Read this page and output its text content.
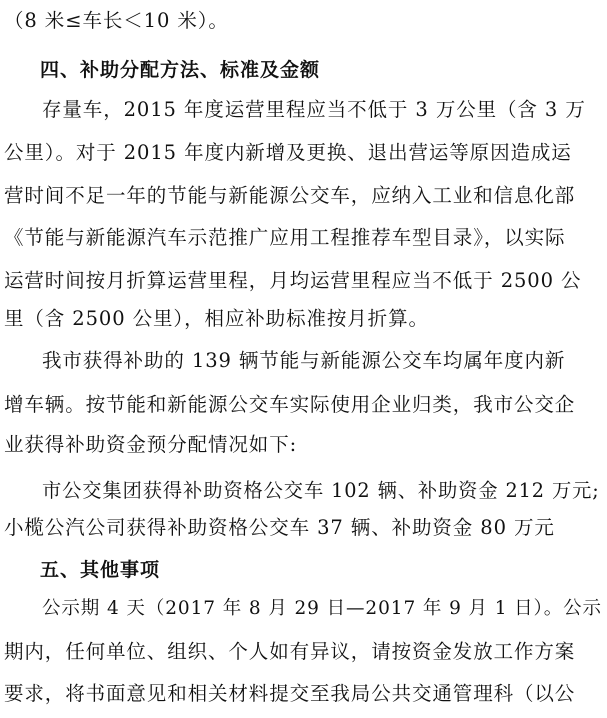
（8 米≤车长＜10 米）。
四、补助分配方法、标准及金额
存量车，2015 年度运营里程应当不低于 3 万公里（含 3 万
公里）。对于 2015 年度内新增及更换、退出营运等原因造成运
营时间不足一年的节能与新能源公交车，应纳入工业和信息化部
《节能与新能源汽车示范推广应用工程推荐车型目录》，以实际
运营时间按月折算运营里程，月均运营里程应当不低于 2500 公
里（含 2500 公里），相应补助标准按月折算。
我市获得补助的 139 辆节能与新能源公交车均属年度内新
增车辆。按节能和新能源公交车实际使用企业归类，我市公交企
业获得补助资金预分配情况如下:
市公交集团获得补助资格公交车 102 辆、补助资金 212 万元;
小榄公汽公司获得补助资格公交车 37 辆、补助资金 80 万元
五、其他事项
公示期 4 天（2017 年 8 月 29 日—2017 年 9 月 1 日）。公示
期内，任何单位、组织、个人如有异议，请按资金发放工作方案
要求，将书面意见和相关材料提交至我局公共交通管理科（以公
